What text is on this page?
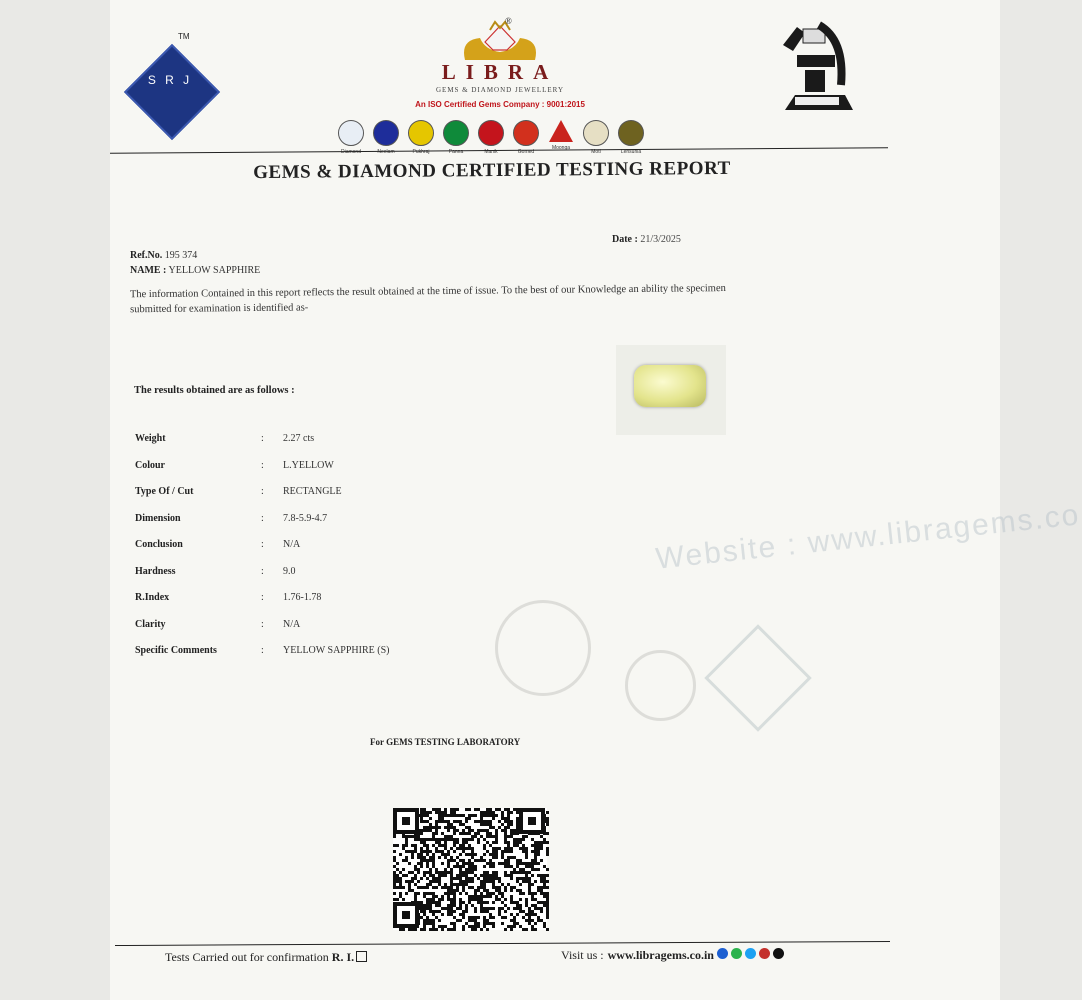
Website : www.libragems.co
S R J
TM
®
LIBRA
GEMS & DIAMOND JEWELLERY
An ISO Certified Gems Company : 9001:2015
Diamond	Neelam	Pukhraj	Panna	Manik	Gomed
Moonga
Moti	Lehsunia
GEMS & DIAMOND CERTIFIED TESTING REPORT
Date : 21/3/2025
Ref.No. 195 374
NAME : YELLOW SAPPHIRE
The information Contained in this report reflects the result obtained at the time of issue. To the best of our Knowledge an ability the specimen submitted for examination is identified as-
The results obtained are as follows :
Weight	: 2.27 cts
Colour	: L.YELLOW
Type Of / Cut	: RECTANGLE
Dimension	: 7.8-5.9-4.7
Conclusion	: N/A
Hardness	: 9.0
R.Index	: 1.76-1.78
Clarity	: N/A
Specific Comments	: YELLOW SAPPHIRE (S)
For GEMS TESTING LABORATORY
Tests Carried out for confirmation R. I.	Visit us : www.libragems.co.in
